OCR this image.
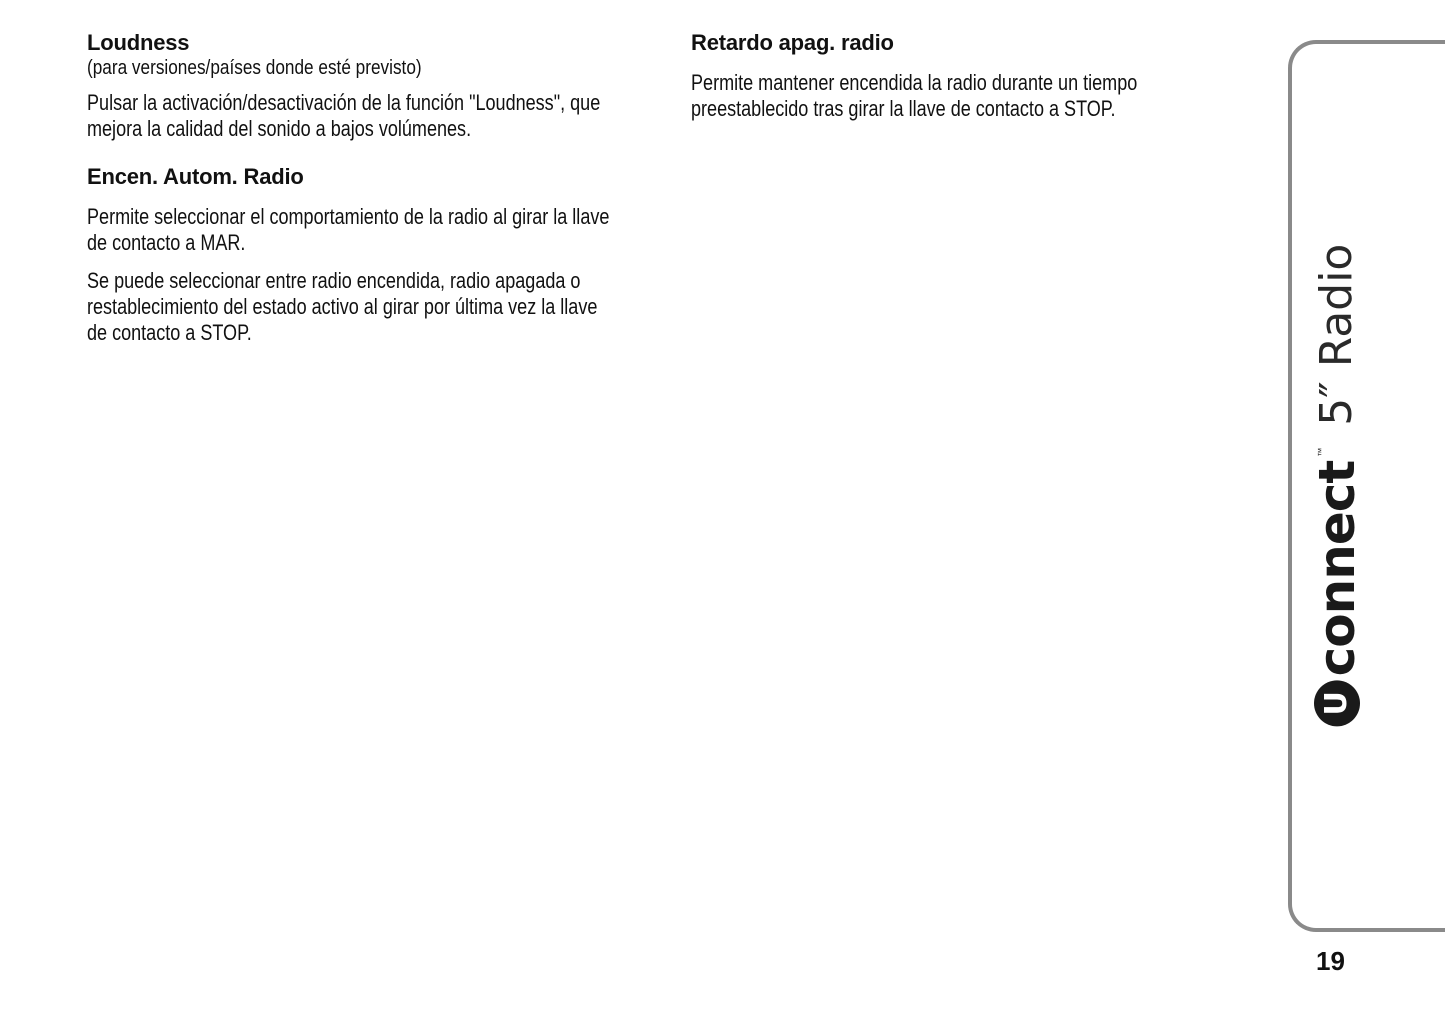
Loudness
(para versiones/países donde esté previsto)

Pulsar la activación/desactivación de la función "Loudness", que
mejora la calidad del sonido a bajos volúmenes.

Encen. Autom. Radio

Permite seleccionar el comportamiento de la radio al girar la llave
de contacto a MAR.

Se puede seleccionar entre radio encendida, radio apagada o
restablecimiento del estado activo al girar por última vez la llave
de contacto a STOP.

Retardo apag. radio

Permite mantener encendida la radio durante un tiempo
preestablecido tras girar la llave de contacto a STOP.

U
connect
™
5″ Radio
19
